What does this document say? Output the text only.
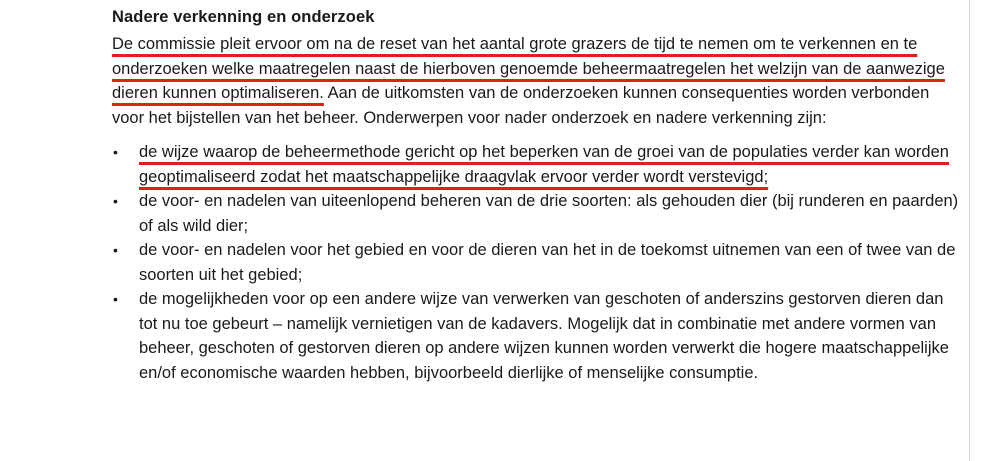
Nadere verkenning en onderzoek

De commissie pleit ervoor om na de reset van het aantal grote grazers de tijd te nemen om te verkennen en te onderzoeken welke maatregelen naast de hierboven genoemde beheermaatregelen het welzijn van de aanwezige dieren kunnen optimaliseren. Aan de uitkomsten van de onderzoeken kunnen consequenties worden verbonden voor het bijstellen van het beheer. Onderwerpen voor nader onderzoek en nadere verkenning zijn:

• de wijze waarop de beheermethode gericht op het beperken van de groei van de populaties verder kan worden geoptimaliseerd zodat het maatschappelijke draagvlak ervoor verder wordt verstevigd;
• de voor- en nadelen van uiteenlopend beheren van de drie soorten: als gehouden dier (bij runderen en paarden) of als wild dier;
• de voor- en nadelen voor het gebied en voor de dieren van het in de toekomst uitnemen van een of twee van de soorten uit het gebied;
• de mogelijkheden voor op een andere wijze van verwerken van geschoten of anderszins gestorven dieren dan tot nu toe gebeurt – namelijk vernietigen van de kadavers. Mogelijk dat in combinatie met andere vormen van beheer, geschoten of gestorven dieren op andere wijzen kunnen worden verwerkt die hogere maatschappelijke en/of economische waarden hebben, bijvoorbeeld dierlijke of menselijke consumptie.
